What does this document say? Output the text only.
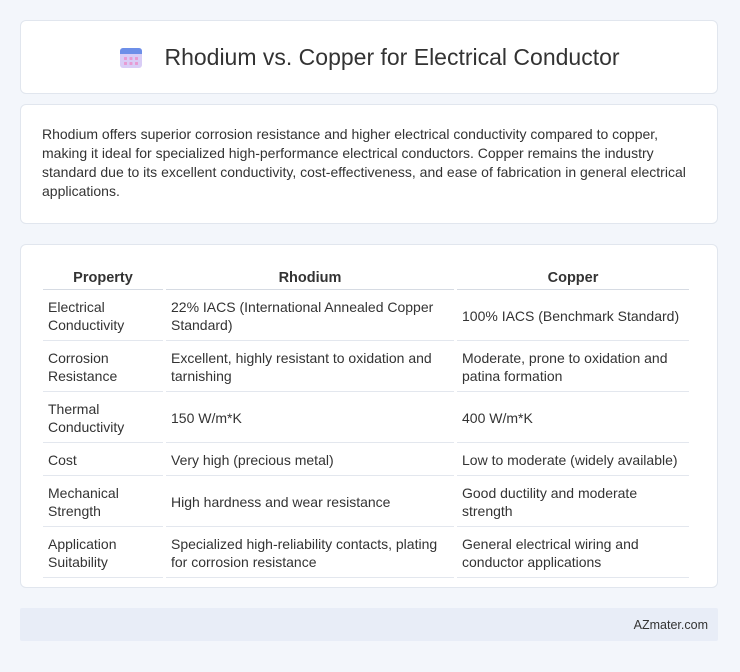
Rhodium vs. Copper for Electrical Conductor

Rhodium offers superior corrosion resistance and higher electrical conductivity compared to copper, making it ideal for specialized high-performance electrical conductors. Copper remains the industry standard due to its excellent conductivity, cost-effectiveness, and ease of fabrication in general electrical applications.

Property	Rhodium	Copper
Electrical Conductivity	22% IACS (International Annealed Copper Standard)	100% IACS (Benchmark Standard)
Corrosion Resistance	Excellent, highly resistant to oxidation and tarnishing	Moderate, prone to oxidation and patina formation
Thermal Conductivity	150 W/m*K	400 W/m*K
Cost	Very high (precious metal)	Low to moderate (widely available)
Mechanical Strength	High hardness and wear resistance	Good ductility and moderate strength
Application Suitability	Specialized high-reliability contacts, plating for corrosion resistance	General electrical wiring and conductor applications
AZmater.com
